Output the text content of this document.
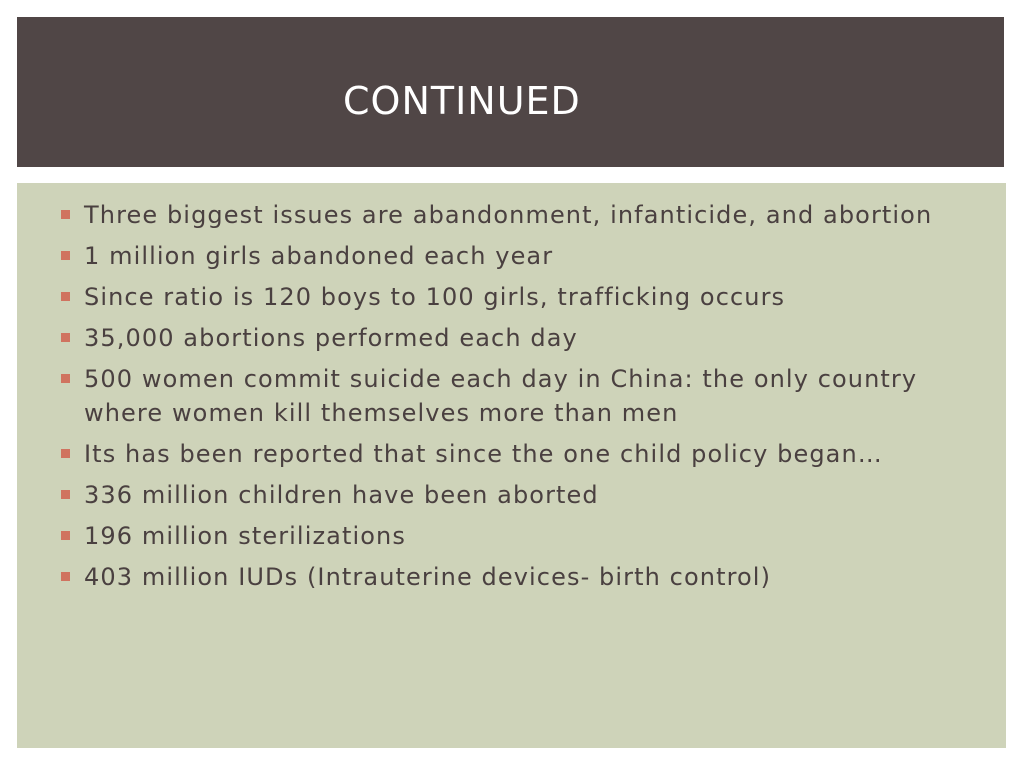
CONTINUED
Three biggest issues are abandonment, infanticide, and abortion
1 million girls abandoned each year
Since ratio is 120 boys to 100 girls, trafficking occurs
35,000 abortions performed each day
500 women commit suicide each day in China: the only country where women kill themselves more than men
Its has been reported that since the one child policy began…
336 million children have been aborted
196 million sterilizations
403 million IUDs (Intrauterine devices- birth control)
